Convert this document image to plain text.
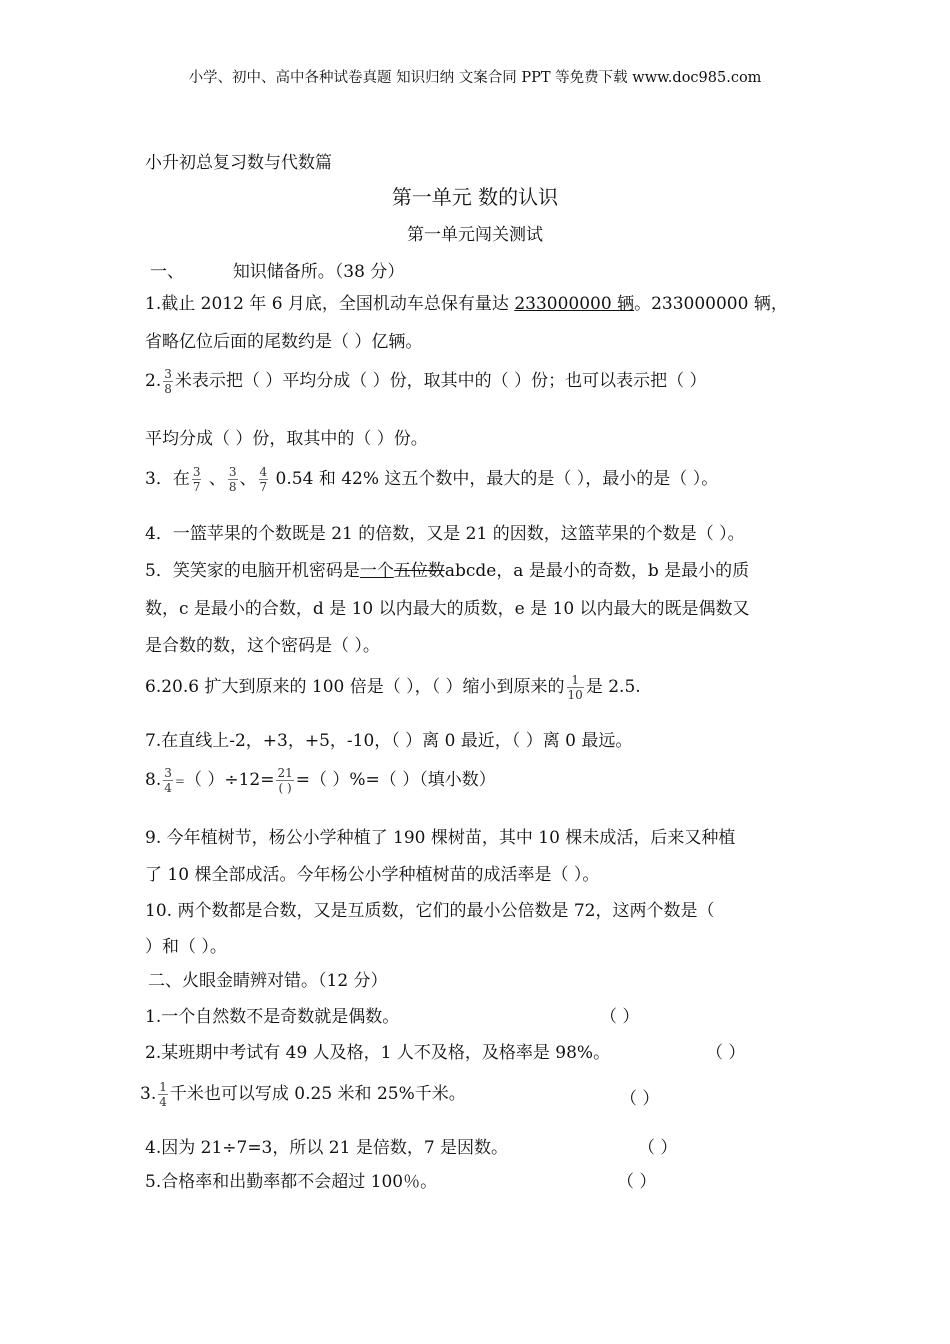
小学、初中、高中各种试卷真题 知识归纳 文案合同 PPT 等免费下载 www.doc985.com
小升初总复习数与代数篇
第一单元 数的认识
第一单元闯关测试
一、	知识储备所。（38 分）
1.截止 2012 年 6 月底，全国机动车总保有量达 233000000 辆。233000000 辆，
省略亿位后面的尾数约是（ ）亿辆。
2. $\frac{3}{8}$ 米表示把（ ）平均分成（ ）份，取其中的（ ）份；也可以表示把（ ）
平均分成（ ）份，取其中的（ ）份。
3．在 $\frac{3}{7}$ 、 $\frac{3}{8}$ 、 $\frac{4}{7} 0.54$ 和 42% 这五个数中，最大的是（ ），最小的是（ ）。
4．一篮苹果的个数既是 21 的倍数，又是 21 的因数，这篮苹果的个数是（ ）。
5．笑笑家的电脑开机密码是一个五位数abcde，a 是最小的奇数，b 是最小的质
数，c 是最小的合数，d 是 10 以内最大的质数，e 是 10 以内最大的既是偶数又
是合数的数，这个密码是（ ）。
6.20.6 扩大到原来的 100 倍是（ ），（ ）缩小到原来的 $\frac{1}{10}$ 是 2.5.
7.在直线上-2，+3，+5，-10，（ ）离 0 最近，（ ）离 0 最远。
8. $\frac{3}{4}$ =（ ）$\div 12= \frac{21}{( )}$ =（ ）%=（ ）（填小数）
9. 今年植树节，杨公小学种植了 190 棵树苗，其中 10 棵未成活，后来又种植
了 10 棵全部成活。今年杨公小学种植树苗的成活率是（ ）。
10. 两个数都是合数，又是互质数，它们的最小公倍数是 72，这两个数是（
）和（ ）。
二、火眼金睛辨对错。（12 分）
1.一个自然数不是奇数就是偶数。	（ ）
2.某班期中考试有 49 人及格，1 人不及格，及格率是 98%。	（ ）
3. $\frac{1}{4}$ 千米也可以写成 0.25 米和 25%千米。	（ ）
4.因为 21÷7=3，所以 21 是倍数，7 是因数。	（ ）
5.合格率和出勤率都不会超过 100％。	（ ）
